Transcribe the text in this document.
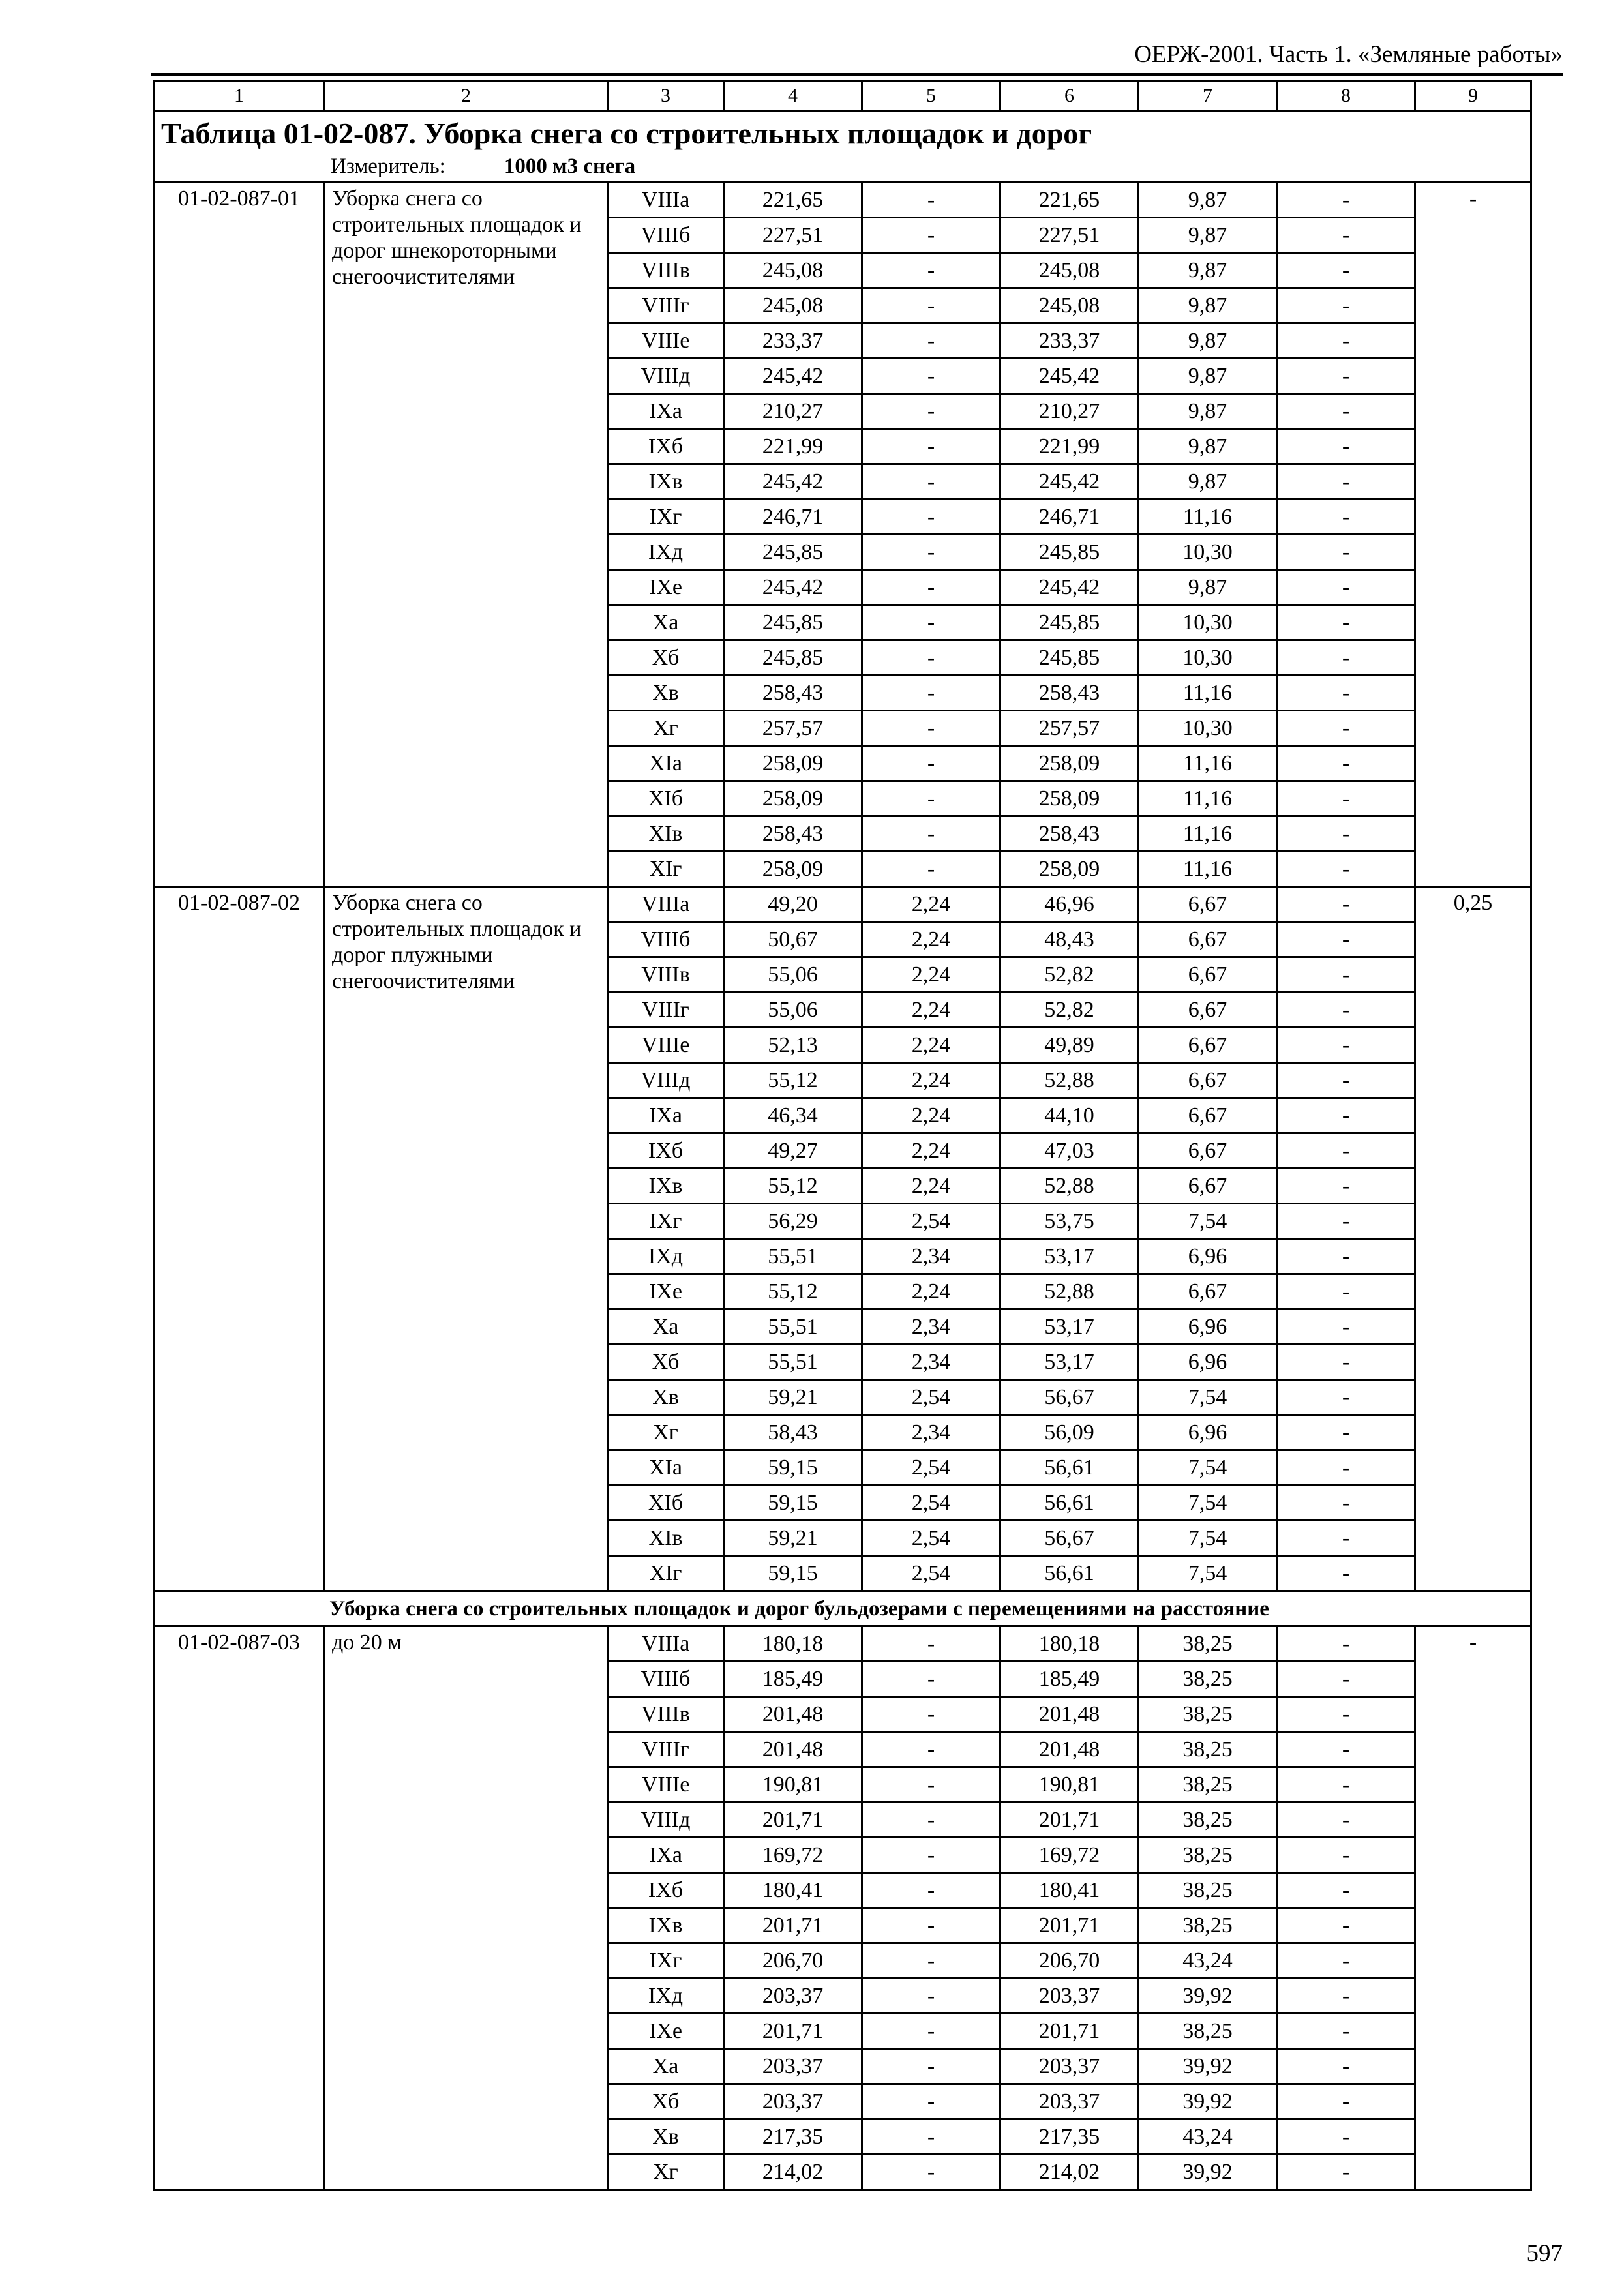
ОЕРЖ-2001. Часть 1. «Земляные работы»
1	2	3	4	5	6	7	8	9

Таблица 01-02-087. Уборка снега со строительных площадок и дорог
Измеритель: 1000 м3 снега								

01-02-087-01	Уборка снега со строительных площадок и дорог шнекороторными снегоочистителями	VIIIа	221,65	-	221,65	9,87	-	-
		VIIIб	227,51	-	227,51	9,87	-	
		VIIIв	245,08	-	245,08	9,87	-	
		VIIIг	245,08	-	245,08	9,87	-	
		VIIIе	233,37	-	233,37	9,87	-	
		VIIIд	245,42	-	245,42	9,87	-	
		IXа	210,27	-	210,27	9,87	-	
		IXб	221,99	-	221,99	9,87	-	
		IXв	245,42	-	245,42	9,87	-	
		IXг	246,71	-	246,71	11,16	-	
		IXд	245,85	-	245,85	10,30	-	
		IXе	245,42	-	245,42	9,87	-	
		Xа	245,85	-	245,85	10,30	-	
		Xб	245,85	-	245,85	10,30	-	
		Xв	258,43	-	258,43	11,16	-	
		Xг	257,57	-	257,57	10,30	-	
		XIа	258,09	-	258,09	11,16	-	
		XIб	258,09	-	258,09	11,16	-	
		XIв	258,43	-	258,43	11,16	-	
		XIг	258,09	-	258,09	11,16	-	
01-02-087-02	Уборка снега со строительных площадок и дорог плужными снегоочистителями	VIIIа	49,20	2,24	46,96	6,67	-	0,25
		VIIIб	50,67	2,24	48,43	6,67	-	
		VIIIв	55,06	2,24	52,82	6,67	-	
		VIIIг	55,06	2,24	52,82	6,67	-	
		VIIIе	52,13	2,24	49,89	6,67	-	
		VIIIд	55,12	2,24	52,88	6,67	-	
		IXа	46,34	2,24	44,10	6,67	-	
		IXб	49,27	2,24	47,03	6,67	-	
		IXв	55,12	2,24	52,88	6,67	-	
		IXг	56,29	2,54	53,75	7,54	-	
		IXд	55,51	2,34	53,17	6,96	-	
		IXе	55,12	2,24	52,88	6,67	-	
		Xа	55,51	2,34	53,17	6,96	-	
		Xб	55,51	2,34	53,17	6,96	-	
		Xв	59,21	2,54	56,67	7,54	-	
		Xг	58,43	2,34	56,09	6,96	-	
		XIа	59,15	2,54	56,61	7,54	-	
		XIб	59,15	2,54	56,61	7,54	-	
		XIв	59,21	2,54	56,67	7,54	-	
		XIг	59,15	2,54	56,61	7,54	-	
Уборка снега со строительных площадок и дорог бульдозерами с перемещениями на расстояние								
01-02-087-03	до 20 м	VIIIа	180,18	-	180,18	38,25	-	-
		VIIIб	185,49	-	185,49	38,25	-	
		VIIIв	201,48	-	201,48	38,25	-	
		VIIIг	201,48	-	201,48	38,25	-	
		VIIIе	190,81	-	190,81	38,25	-	
		VIIIд	201,71	-	201,71	38,25	-	
		IXа	169,72	-	169,72	38,25	-	
		IXб	180,41	-	180,41	38,25	-	
		IXв	201,71	-	201,71	38,25	-	
		IXг	206,70	-	206,70	43,24	-	
		IXд	203,37	-	203,37	39,92	-	
		IXе	201,71	-	201,71	38,25	-	
		Xа	203,37	-	203,37	39,92	-	
		Xб	203,37	-	203,37	39,92	-	
		Xв	217,35	-	217,35	43,24	-	
		Xг	214,02	-	214,02	39,92	-	
597
